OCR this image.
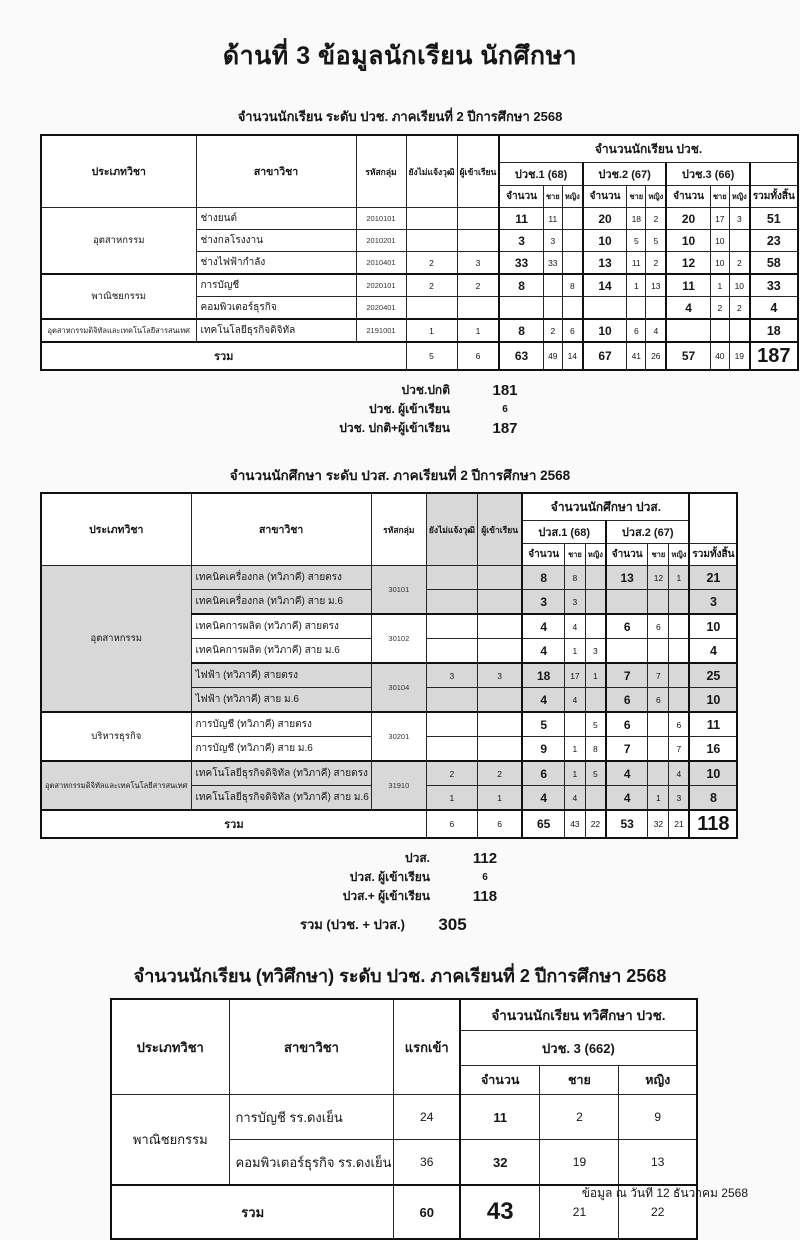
ด้านที่ 3 ข้อมูลนักเรียน นักศึกษา
จำนวนนักเรียน ระดับ ปวช. ภาคเรียนที่ 2 ปีการศึกษา 2568
ประเภทวิชา	สาขาวิชา	รหัสกลุ่ม	ยังไม่แจ้งวุฒิ	ผู้เข้าเรียน	จำนวนนักเรียน ปวช.									
					ปวช.1 (68)			ปวช.2 (67)			ปวช.3 (66)			
					จำนวน	ชาย	หญิง	จำนวน	ชาย	หญิง	จำนวน	ชาย	หญิง	รวมทั้งสิ้น
อุตสาหกรรม	ช่างยนต์	2010101			11	11		20	18	2	20	17	3	51
	ช่างกลโรงงาน	2010201			3	3		10	5	5	10	10		23
	ช่างไฟฟ้ากำลัง	2010401	2	3	33	33		13	11	2	12	10	2	58
พาณิชยกรรม	การบัญชี	2020101	2	2	8		8	14	1	13	11	1	10	33
	คอมพิวเตอร์ธุรกิจ	2020401									4	2	2	4
อุตสาหกรรมดิจิทัลและเทคโนโลยีสารสนเทศ	เทคโนโลยีธุรกิจดิจิทัล	2191001	1	1	8	2	6	10	6	4				18
รวม			5	6	63	49	14	67	41	26	57	40	19	187
ปวช.ปกติ	181
ปวช. ผู้เข้าเรียน	6
ปวช. ปกติ+ผู้เข้าเรียน	187
จำนวนนักศึกษา ระดับ ปวส. ภาคเรียนที่ 2 ปีการศึกษา 2568
ประเภทวิชา	สาขาวิชา	รหัสกลุ่ม	ยังไม่แจ้งวุฒิ	ผู้เข้าเรียน	จำนวนนักศึกษา ปวส.						
					ปวส.1 (68)			ปวส.2 (67)			
					จำนวน	ชาย	หญิง	จำนวน	ชาย	หญิง	รวมทั้งสิ้น
อุตสาหกรรม	เทคนิคเครื่องกล (ทวิภาคี) สายตรง	30101			8	8		13	12	1	21
	เทคนิคเครื่องกล (ทวิภาคี) สาย ม.6				3	3					3
	เทคนิคการผลิต (ทวิภาคี) สายตรง	30102			4	4		6	6		10
	เทคนิคการผลิต (ทวิภาคี) สาย ม.6				4	1	3				4
	ไฟฟ้า (ทวิภาคี) สายตรง	30104	3	3	18	17	1	7	7		25
	ไฟฟ้า (ทวิภาคี) สาย ม.6				4	4		6	6		10
บริหารธุรกิจ	การบัญชี (ทวิภาคี) สายตรง	30201			5		5	6		6	11
	การบัญชี (ทวิภาคี) สาย ม.6				9	1	8	7		7	16
อุตสาหกรรมดิจิทัลและเทคโนโลยีสารสนเทศ	เทคโนโลยีธุรกิจดิจิทัล (ทวิภาคี) สายตรง	31910	2	2	6	1	5	4		4	10
	เทคโนโลยีธุรกิจดิจิทัล (ทวิภาคี) สาย ม.6		1	1	4	4		4	1	3	8
รวม			6	6	65	43	22	53	32	21	118
ปวส.	112
ปวส. ผู้เข้าเรียน	6
ปวส.+ ผู้เข้าเรียน	118
รวม (ปวช. + ปวส.)	305
จำนวนนักเรียน (ทวิศึกษา) ระดับ ปวช. ภาคเรียนที่ 2 ปีการศึกษา 2568
ประเภทวิชา	สาขาวิชา	แรกเข้า	จำนวนนักเรียน ทวิศึกษา ปวช.		
			ปวช. 3 (662)		
			จำนวน	ชาย	หญิง
พาณิชยกรรม	การบัญชี รร.ดงเย็น	24	11	2	9
	คอมพิวเตอร์ธุรกิจ รร.ดงเย็น	36	32	19	13
รวม		60	43	21	22
ข้อมูล ณ วันที่ 12 ธันวาคม 2568
